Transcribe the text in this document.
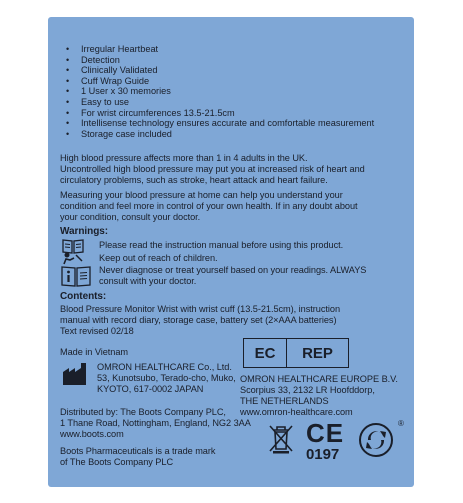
• Irregular Heartbeat
• Detection
• Clinically Validated
• Cuff Wrap Guide
• 1 User x 30 memories
• Easy to use
• For wrist circumferences 13.5-21.5cm
• Intellisense technology ensures accurate and comfortable measurement
• Storage case included
High blood pressure affects more than 1 in 4 adults in the UK.
Uncontrolled high blood pressure may put you at increased risk of heart and
circulatory problems, such as stroke, heart attack and heart failure.
Measuring your blood pressure at home can help you understand your
condition and feel more in control of your own health. If in any doubt about
your condition, consult your doctor.
Warnings:
Please read the instruction manual before using this product.
Keep out of reach of children.
Never diagnose or treat yourself based on your readings. ALWAYS
consult with your doctor.
Contents:
Blood Pressure Monitor Wrist with wrist cuff (13.5-21.5cm), instruction
manual with record diary, storage case, battery set (2×AAA batteries)
Text revised 02/18
Made in Vietnam
OMRON HEALTHCARE Co., Ltd.
53, Kunotsubo, Terado-cho, Muko,
KYOTO, 617-0002 JAPAN
EC	REP
OMRON HEALTHCARE EUROPE B.V.
Scorpius 33, 2132 LR Hoofddorp,
THE NETHERLANDS
www.omron-healthcare.com
Distributed by: The Boots Company PLC,
1 Thane Road, Nottingham, England, NG2 3AA
www.boots.com
Boots Pharmaceuticals is a trade mark
of The Boots Company PLC
CE
0197
®
